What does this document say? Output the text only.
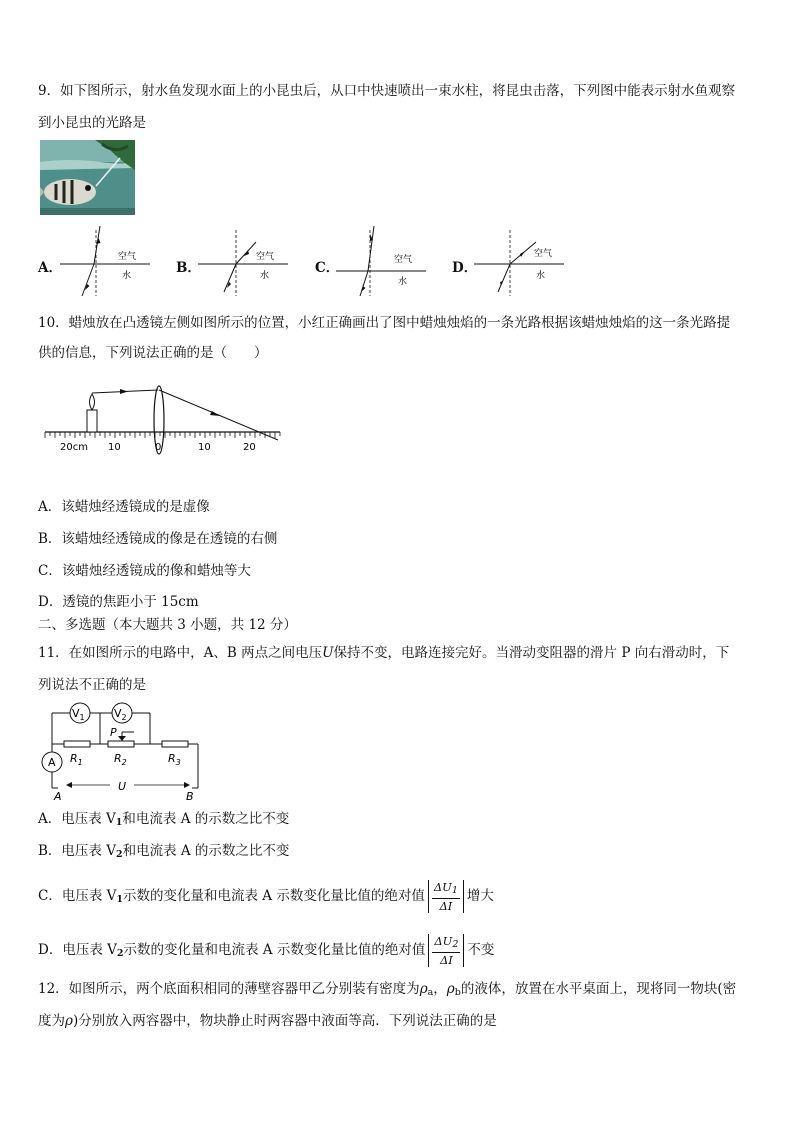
9．如下图所示，射水鱼发现水面上的小昆虫后，从口中快速喷出一束水柱，将昆虫击落，下列图中能表示射水鱼观察
到小昆虫的光路是
A．
空气
水	B．
空气
水	C．	空气
水
D．
空气
水
10．蜡烛放在凸透镜左侧如图所示的位置，小红正确画出了图中蜡烛烛焰的一条光路根据该蜡烛烛焰的这一条光路提
供的信息，下列说法正确的是（　　）
20cm 10	0	10	20
A．该蜡烛经透镜成的是虚像
B．该蜡烛经透镜成的像是在透镜的右侧
C．该蜡烛经透镜成的像和蜡烛等大
D．透镜的焦距小于 15cm
二、多选题（本大题共 3 小题，共 12 分）
11．在如图所示的电路中，A、B 两点之间电压U保持不变，电路连接完好。当滑动变阻器的滑片 P 向右滑动时，下
列说法不正确的是
$V_1$	$V_2$
P
A $R_1$	$R_2$	$R_3$
A	B
U
A．电压表 $V_1$和电流表 A 的示数之比不变
B．电压表 $V_2$和电流表 A 的示数之比不变
C．电压表 $V_1$示数的变化量和电流表 A 示数变化量比值的绝对值 $\frac{\Delta U_1}{\Delta I}$ 增大
D．电压表 $V_2$示数的变化量和电流表 A 示数变化量比值的绝对值 $\frac{\Delta U_2}{\Delta I}$ 不变
12．如图所示，两个底面积相同的薄壁容器甲乙分别装有密度为$\rho_a$，$\rho_b$的液体，放置在水平桌面上，现将同一物块(密
度为ρ)分别放入两容器中，物块静止时两容器中液面等高．下列说法正确的是
